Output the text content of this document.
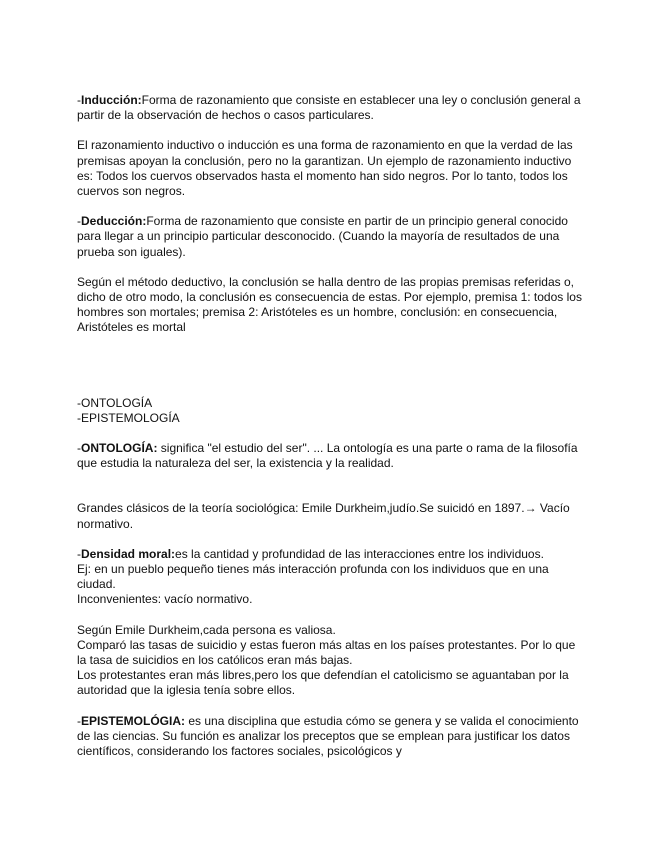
-Inducción:Forma de razonamiento que consiste en establecer una ley o conclusión general a partir de la observación de hechos o casos particulares.

El razonamiento inductivo o inducción es una forma de razonamiento en que la verdad de las premisas apoyan la conclusión, pero no la garantizan. Un ejemplo de razonamiento inductivo es: Todos los cuervos observados hasta el momento han sido negros. Por lo tanto, todos los cuervos son negros.

-Deducción:Forma de razonamiento que consiste en partir de un principio general conocido para llegar a un principio particular desconocido. (Cuando la mayoría de resultados de una prueba son iguales).

Según el método deductivo, la conclusión se halla dentro de las propias premisas referidas o, dicho de otro modo, la conclusión es consecuencia de estas. Por ejemplo, premisa 1: todos los hombres son mortales; premisa 2: Aristóteles es un hombre, conclusión: en consecuencia, Aristóteles es mortal

-ONTOLOGÍA

-EPISTEMOLOGÍA

-ONTOLOGÍA: significa "el estudio del ser". ... La ontología es una parte o rama de la filosofía que estudia la naturaleza del ser, la existencia y la realidad.

Grandes clásicos de la teoría sociológica: Emile Durkheim,judío.Se suicidó en 1897.→ Vacío normativo.

-Densidad moral:es la cantidad y profundidad de las interacciones entre los individuos.

Ej: en un pueblo pequeño tienes más interacción profunda con los individuos que en una ciudad.

Inconvenientes: vacío normativo.

Según Emile Durkheim,cada persona es valiosa.

Comparó las tasas de suicidio y estas fueron más altas en los países protestantes. Por lo que la tasa de suicidios en los católicos eran más bajas.

Los protestantes eran más libres,pero los que defendían el catolicismo se aguantaban por la autoridad que la iglesia tenía sobre ellos.

-EPISTEMOLÓGIA: es una disciplina que estudia cómo se genera y se valida el conocimiento de las ciencias. Su función es analizar los preceptos que se emplean para justificar los datos científicos, considerando los factores sociales, psicológicos y
